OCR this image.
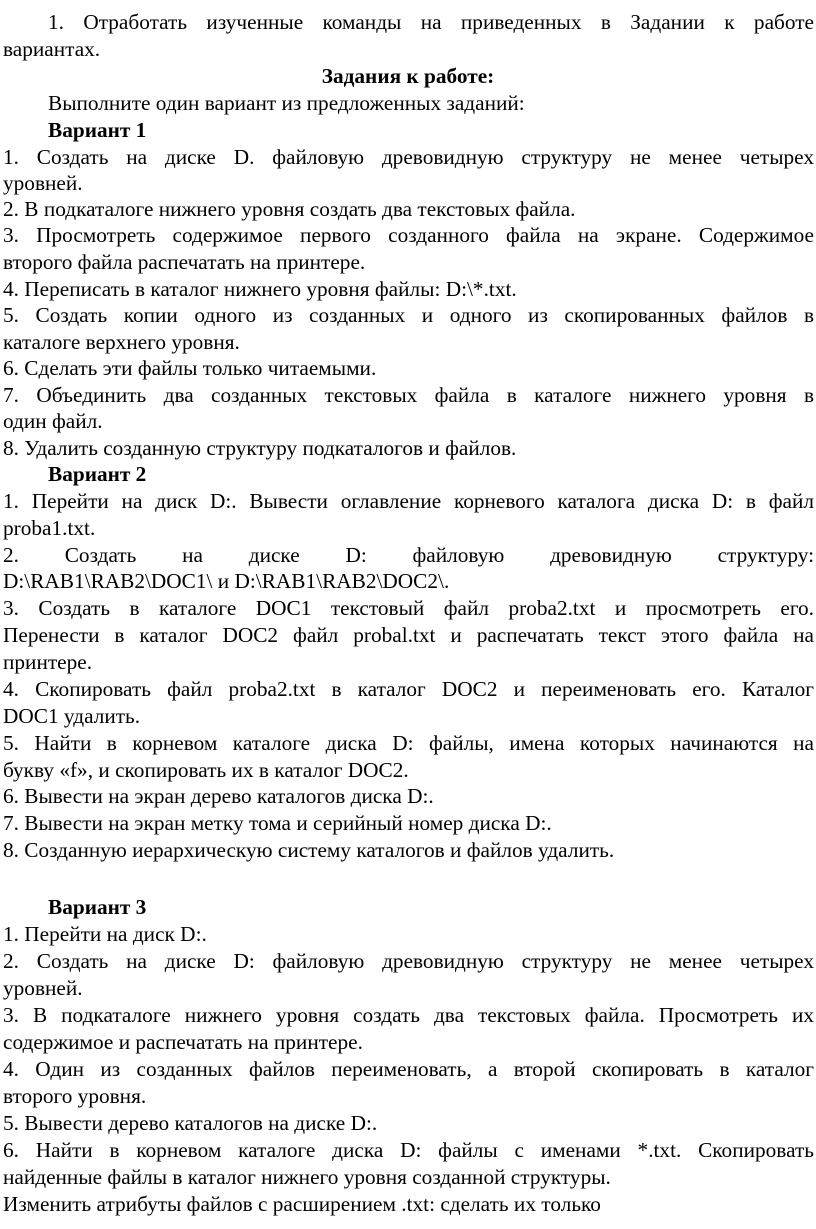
1. Отработать изученные команды на приведенных в Задании к работе
вариантах.
Задания к работе:
Выполните один вариант из предложенных заданий:
Вариант 1
1. Создать на диске D. файловую древовидную структуру не менее четырех
уровней.
2. В подкаталоге нижнего уровня создать два текстовых файла.
3. Просмотреть содержимое первого созданного файла на экране. Содержимое
второго файла распечатать на принтере.
4. Переписать в каталог нижнего уровня файлы: D:\*.txt.
5. Создать копии одного из созданных и одного из скопированных файлов в
каталоге верхнего уровня.
6. Сделать эти файлы только читаемыми.
7. Объединить два созданных текстовых файла в каталоге нижнего уровня в
один файл.
8. Удалить созданную структуру подкаталогов и файлов.
Вариант 2
1. Перейти на диск D:. Вывести оглавление корневого каталога диска D: в файл
proba1.txt.
2. Создать на диске D: файловую древовидную структуру:
D:\RAB1\RAB2\DOC1\ и D:\RAB1\RAB2\DOC2\.
3. Создать в каталоге DOC1 текстовый файл proba2.txt и просмотреть его.
Перенести в каталог DOC2 файл probal.txt и распечатать текст этого файла на
принтере.
4. Скопировать файл proba2.txt в каталог DOC2 и переименовать его. Каталог
DOC1 удалить.
5. Найти в корневом каталоге диска D: файлы, имена которых начинаются на
букву «f», и скопировать их в каталог DOC2.
6. Вывести на экран дерево каталогов диска D:.
7. Вывести на экран метку тома и серийный номер диска D:.
8. Созданную иерархическую систему каталогов и файлов удалить.
Вариант 3
1. Перейти на диск D:.
2. Создать на диске D: файловую древовидную структуру не менее четырех
уровней.
3. В подкаталоге нижнего уровня создать два текстовых файла. Просмотреть их
содержимое и распечатать на принтере.
4. Один из созданных файлов переименовать, а второй скопировать в каталог
второго уровня.
5. Вывести дерево каталогов на диске D:.
6. Найти в корневом каталоге диска D: файлы с именами *.txt. Скопировать
найденные файлы в каталог нижнего уровня созданной структуры.
Изменить атрибуты файлов с расширением .txt: сделать их только
